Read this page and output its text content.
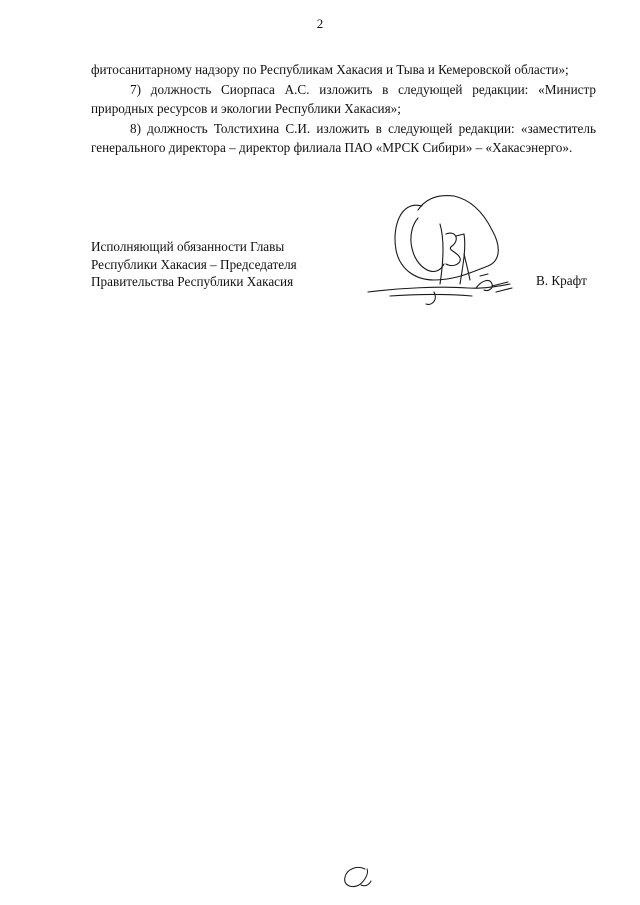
2

фитосанитарному надзору по Республикам Хакасия и Тыва и Кемеровской области»;

7) должность Сиорпаса А.С. изложить в следующей редакции: «Министр природных ресурсов и экологии Республики Хакасия»;

8) должность Толстихина С.И. изложить в следующей редакции: «заместитель генерального директора – директор филиала ПАО «МРСК Сибири» – «Хакасэнерго».

Исполняющий обязанности Главы
Республики Хакасия – Председателя
Правительства Республики Хакасия	В. Крафт
